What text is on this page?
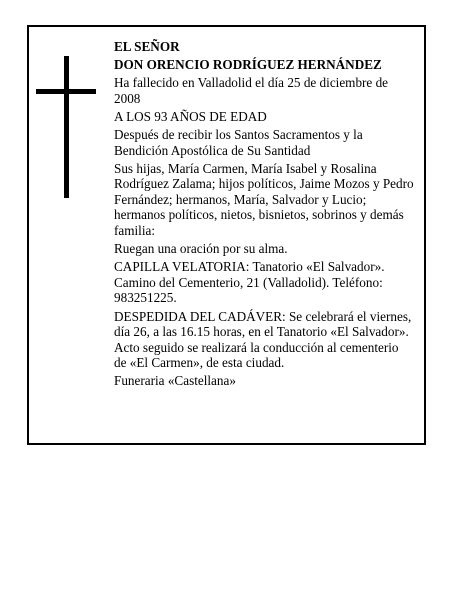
EL SEÑOR

DON ORENCIO RODRÍGUEZ HERNÁNDEZ

Ha fallecido en Valladolid el día 25 de diciembre de 2008

A LOS 93 AÑOS DE EDAD

Después de recibir los Santos Sacramentos y la Bendición Apostólica de Su Santidad

Sus hijas, María Carmen, María Isabel y Rosalina Rodríguez Zalama; hijos políticos, Jaime Mozos y Pedro Fernández; hermanos, María, Salvador y Lucio; hermanos políticos, nietos, bisnietos, sobrinos y demás familia:

Ruegan una oración por su alma.

CAPILLA VELATORIA: Tanatorio «El Salvador». Camino del Cementerio, 21 (Valladolid). Teléfono: 983251225.

DESPEDIDA DEL CADÁVER: Se celebrará el viernes, día 26, a las 16.15 horas, en el Tanatorio «El Salvador». Acto seguido se realizará la conducción al cementerio de «El Carmen», de esta ciudad.

Funeraria «Castellana»
